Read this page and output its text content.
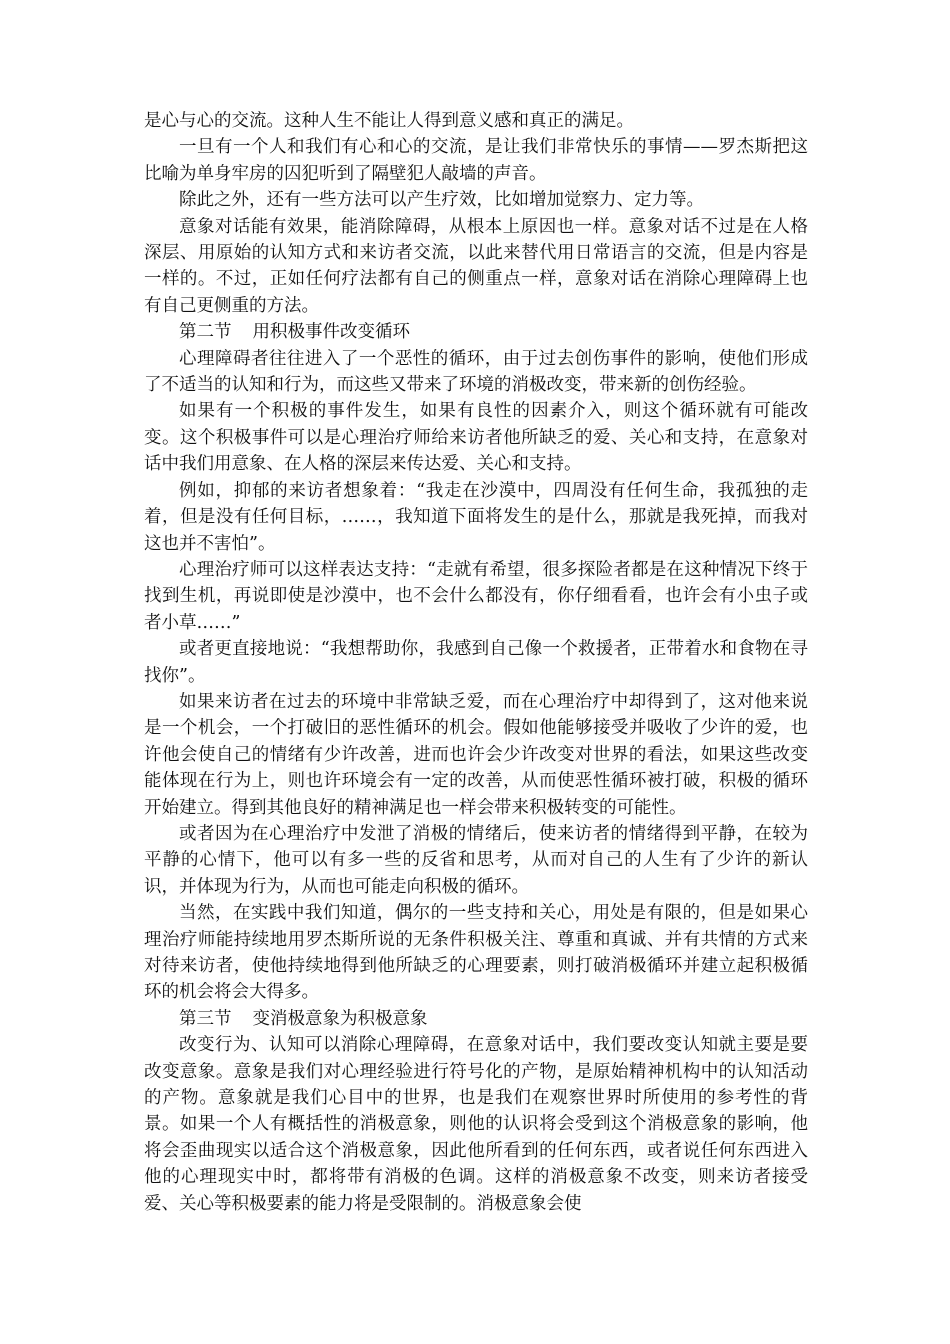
是心与心的交流。这种人生不能让人得到意义感和真正的满足。

一旦有一个人和我们有心和心的交流，是让我们非常快乐的事情——罗杰斯把这比喻为单身牢房的囚犯听到了隔壁犯人敲墙的声音。

除此之外，还有一些方法可以产生疗效，比如增加觉察力、定力等。

意象对话能有效果，能消除障碍，从根本上原因也一样。意象对话不过是在人格深层、用原始的认知方式和来访者交流，以此来替代用日常语言的交流，但是内容是一样的。不过，正如任何疗法都有自己的侧重点一样，意象对话在消除心理障碍上也有自己更侧重的方法。

第二节 用积极事件改变循环

心理障碍者往往进入了一个恶性的循环，由于过去创伤事件的影响，使他们形成了不适当的认知和行为，而这些又带来了环境的消极改变，带来新的创伤经验。

如果有一个积极的事件发生，如果有良性的因素介入，则这个循环就有可能改变。这个积极事件可以是心理治疗师给来访者他所缺乏的爱、关心和支持，在意象对话中我们用意象、在人格的深层来传达爱、关心和支持。

例如，抑郁的来访者想象着：“我走在沙漠中，四周没有任何生命，我孤独的走着，但是没有任何目标，……，我知道下面将发生的是什么，那就是我死掉，而我对这也并不害怕”。

心理治疗师可以这样表达支持：“走就有希望，很多探险者都是在这种情况下终于找到生机，再说即使是沙漠中，也不会什么都没有，你仔细看看，也许会有小虫子或者小草……”

或者更直接地说：“我想帮助你，我感到自己像一个救援者，正带着水和食物在寻找你”。

如果来访者在过去的环境中非常缺乏爱，而在心理治疗中却得到了，这对他来说是一个机会，一个打破旧的恶性循环的机会。假如他能够接受并吸收了少许的爱，也许他会使自己的情绪有少许改善，进而也许会少许改变对世界的看法，如果这些改变能体现在行为上，则也许环境会有一定的改善，从而使恶性循环被打破，积极的循环开始建立。得到其他良好的精神满足也一样会带来积极转变的可能性。

或者因为在心理治疗中发泄了消极的情绪后，使来访者的情绪得到平静，在较为平静的心情下，他可以有多一些的反省和思考，从而对自己的人生有了少许的新认识，并体现为行为，从而也可能走向积极的循环。

当然，在实践中我们知道，偶尔的一些支持和关心，用处是有限的，但是如果心理治疗师能持续地用罗杰斯所说的无条件积极关注、尊重和真诚、并有共情的方式来对待来访者，使他持续地得到他所缺乏的心理要素，则打破消极循环并建立起积极循环的机会将会大得多。

第三节 变消极意象为积极意象

改变行为、认知可以消除心理障碍，在意象对话中，我们要改变认知就主要是要改变意象。意象是我们对心理经验进行符号化的产物，是原始精神机构中的认知活动的产物。意象就是我们心目中的世界，也是我们在观察世界时所使用的参考性的背景。如果一个人有概括性的消极意象，则他的认识将会受到这个消极意象的影响，他将会歪曲现实以适合这个消极意象，因此他所看到的任何东西，或者说任何东西进入他的心理现实中时，都将带有消极的色调。这样的消极意象不改变，则来访者接受爱、关心等积极要素的能力将是受限制的。消极意象会使
